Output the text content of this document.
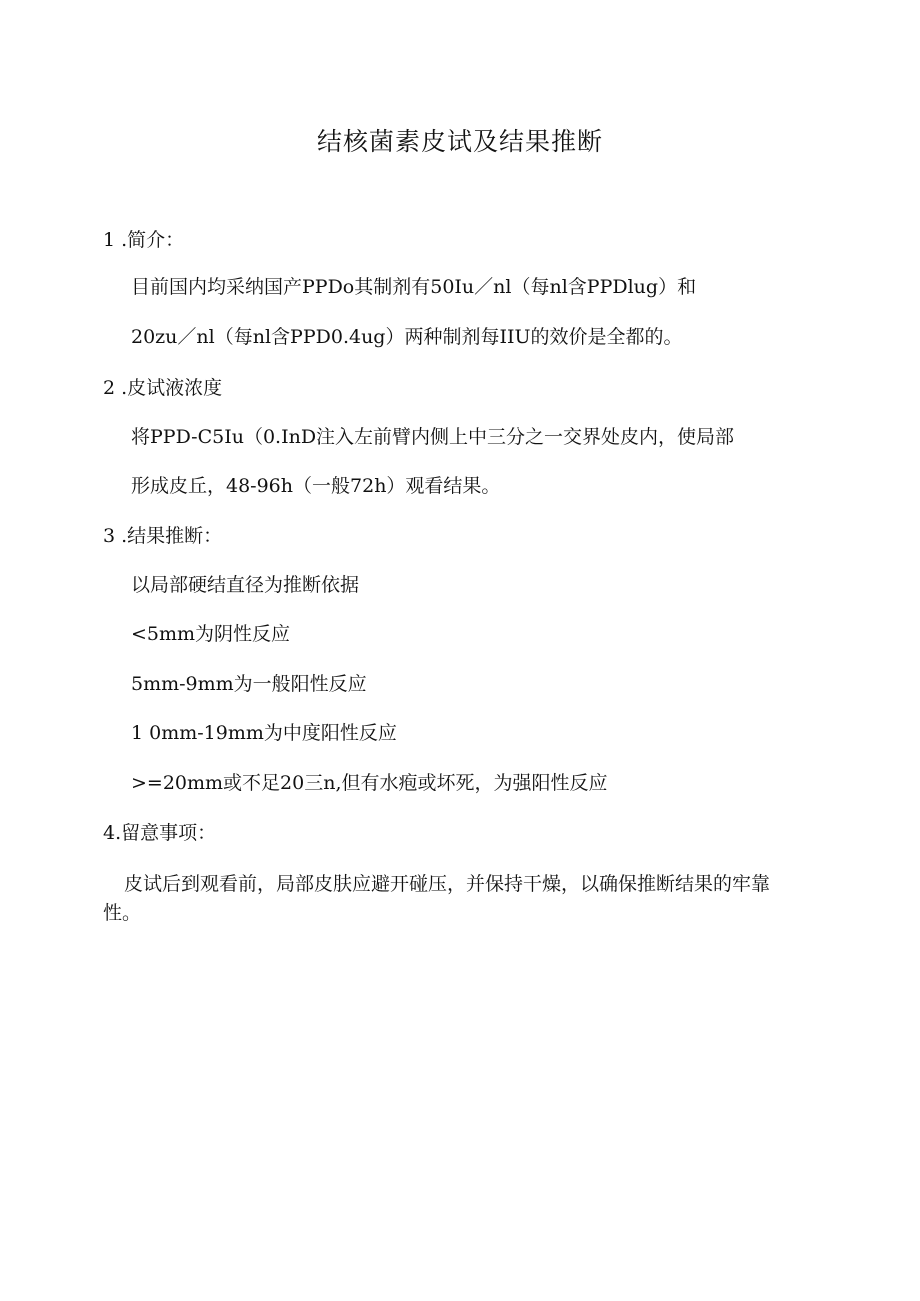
结核菌素皮试及结果推断
1 .简介：
目前国内均采纳国产PPDo其制剂有50Iu／nl（每nl含PPDlug）和
20zu／nl（每nl含PPD0.4ug）两种制剂每IIU的效价是全都的。
2 .皮试液浓度
将PPD-C5Iu（0.InD注入左前臂内侧上中三分之一交界处皮内，使局部
形成皮丘，48-96h（一般72h）观看结果。
3 .结果推断：
以局部硬结直径为推断依据
<5mm为阴性反应
5mm-9mm为一般阳性反应
1 0mm-19mm为中度阳性反应
>=20mm或不足20三n,但有水疱或坏死，为强阳性反应
4.留意事项：
皮试后到观看前，局部皮肤应避开碰压，并保持干燥，以确保推断结果的牢靠性。
